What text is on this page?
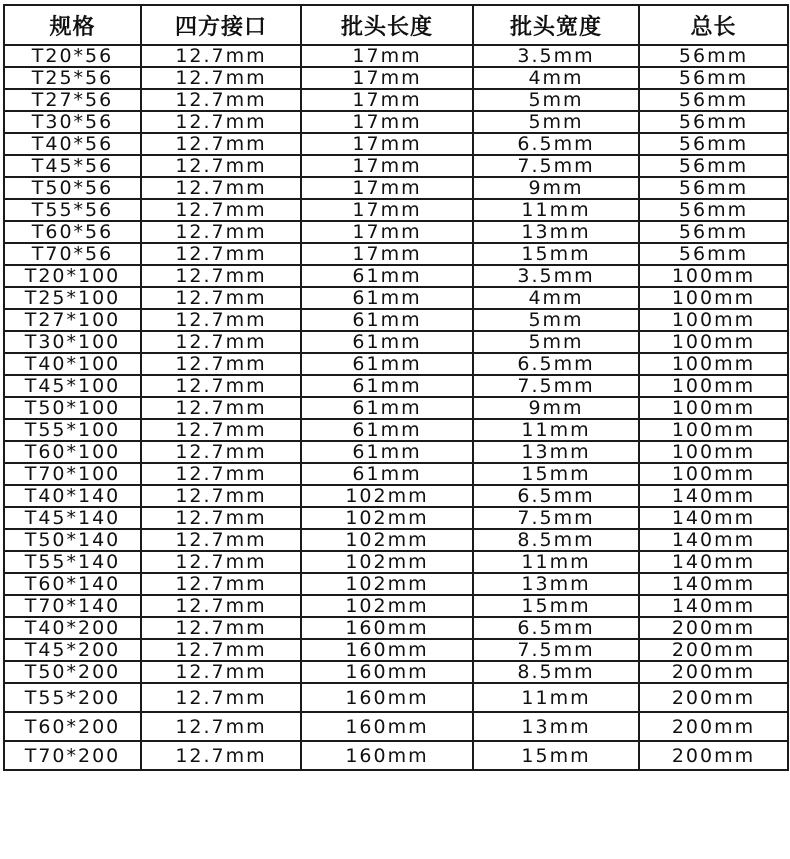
规格	四方接口	批头长度	批头宽度	总长
T20*56	12.7mm	17mm	3.5mm	56mm
T25*56	12.7mm	17mm	4mm	56mm
T27*56	12.7mm	17mm	5mm	56mm
T30*56	12.7mm	17mm	5mm	56mm
T40*56	12.7mm	17mm	6.5mm	56mm
T45*56	12.7mm	17mm	7.5mm	56mm
T50*56	12.7mm	17mm	9mm	56mm
T55*56	12.7mm	17mm	11mm	56mm
T60*56	12.7mm	17mm	13mm	56mm
T70*56	12.7mm	17mm	15mm	56mm
T20*100	12.7mm	61mm	3.5mm	100mm
T25*100	12.7mm	61mm	4mm	100mm
T27*100	12.7mm	61mm	5mm	100mm
T30*100	12.7mm	61mm	5mm	100mm
T40*100	12.7mm	61mm	6.5mm	100mm
T45*100	12.7mm	61mm	7.5mm	100mm
T50*100	12.7mm	61mm	9mm	100mm
T55*100	12.7mm	61mm	11mm	100mm
T60*100	12.7mm	61mm	13mm	100mm
T70*100	12.7mm	61mm	15mm	100mm
T40*140	12.7mm	102mm	6.5mm	140mm
T45*140	12.7mm	102mm	7.5mm	140mm
T50*140	12.7mm	102mm	8.5mm	140mm
T55*140	12.7mm	102mm	11mm	140mm
T60*140	12.7mm	102mm	13mm	140mm
T70*140	12.7mm	102mm	15mm	140mm
T40*200	12.7mm	160mm	6.5mm	200mm
T45*200	12.7mm	160mm	7.5mm	200mm
T50*200	12.7mm	160mm	8.5mm	200mm
T55*200	12.7mm	160mm	11mm	200mm
T60*200	12.7mm	160mm	13mm	200mm
T70*200	12.7mm	160mm	15mm	200mm
